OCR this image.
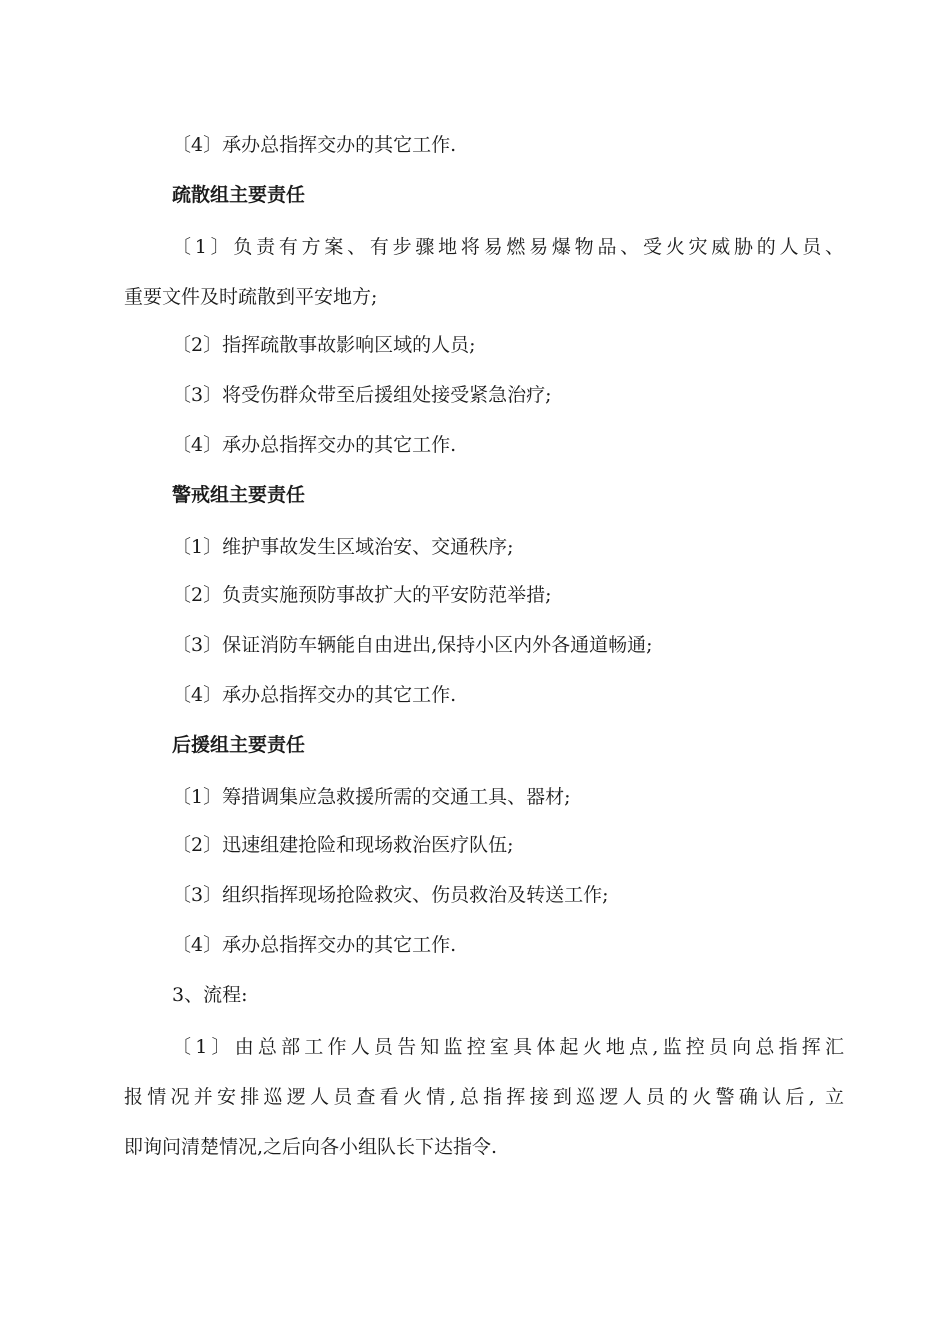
〔4〕承办总指挥交办的其它工作.
疏散组主要责任
〔1〕负责有方案、有步骤地将易燃易爆物品、受火灾威胁的人员、
重要文件及时疏散到平安地方;
〔2〕指挥疏散事故影响区域的人员;
〔3〕将受伤群众带至后援组处接受紧急治疗;
〔4〕承办总指挥交办的其它工作.
警戒组主要责任
〔1〕维护事故发生区域治安、交通秩序;
〔2〕负责实施预防事故扩大的平安防范举措;
〔3〕保证消防车辆能自由进出,保持小区内外各通道畅通;
〔4〕承办总指挥交办的其它工作.
后援组主要责任
〔1〕筹措调集应急救援所需的交通工具、器材;
〔2〕迅速组建抢险和现场救治医疗队伍;
〔3〕组织指挥现场抢险救灾、伤员救治及转送工作;
〔4〕承办总指挥交办的其它工作.
3、流程:
〔1〕由总部工作人员告知监控室具体起火地点,监控员向总指挥汇
报情况并安排巡逻人员查看火情,总指挥接到巡逻人员的火警确认后, 立
即询问清楚情况,之后向各小组队长下达指令.
